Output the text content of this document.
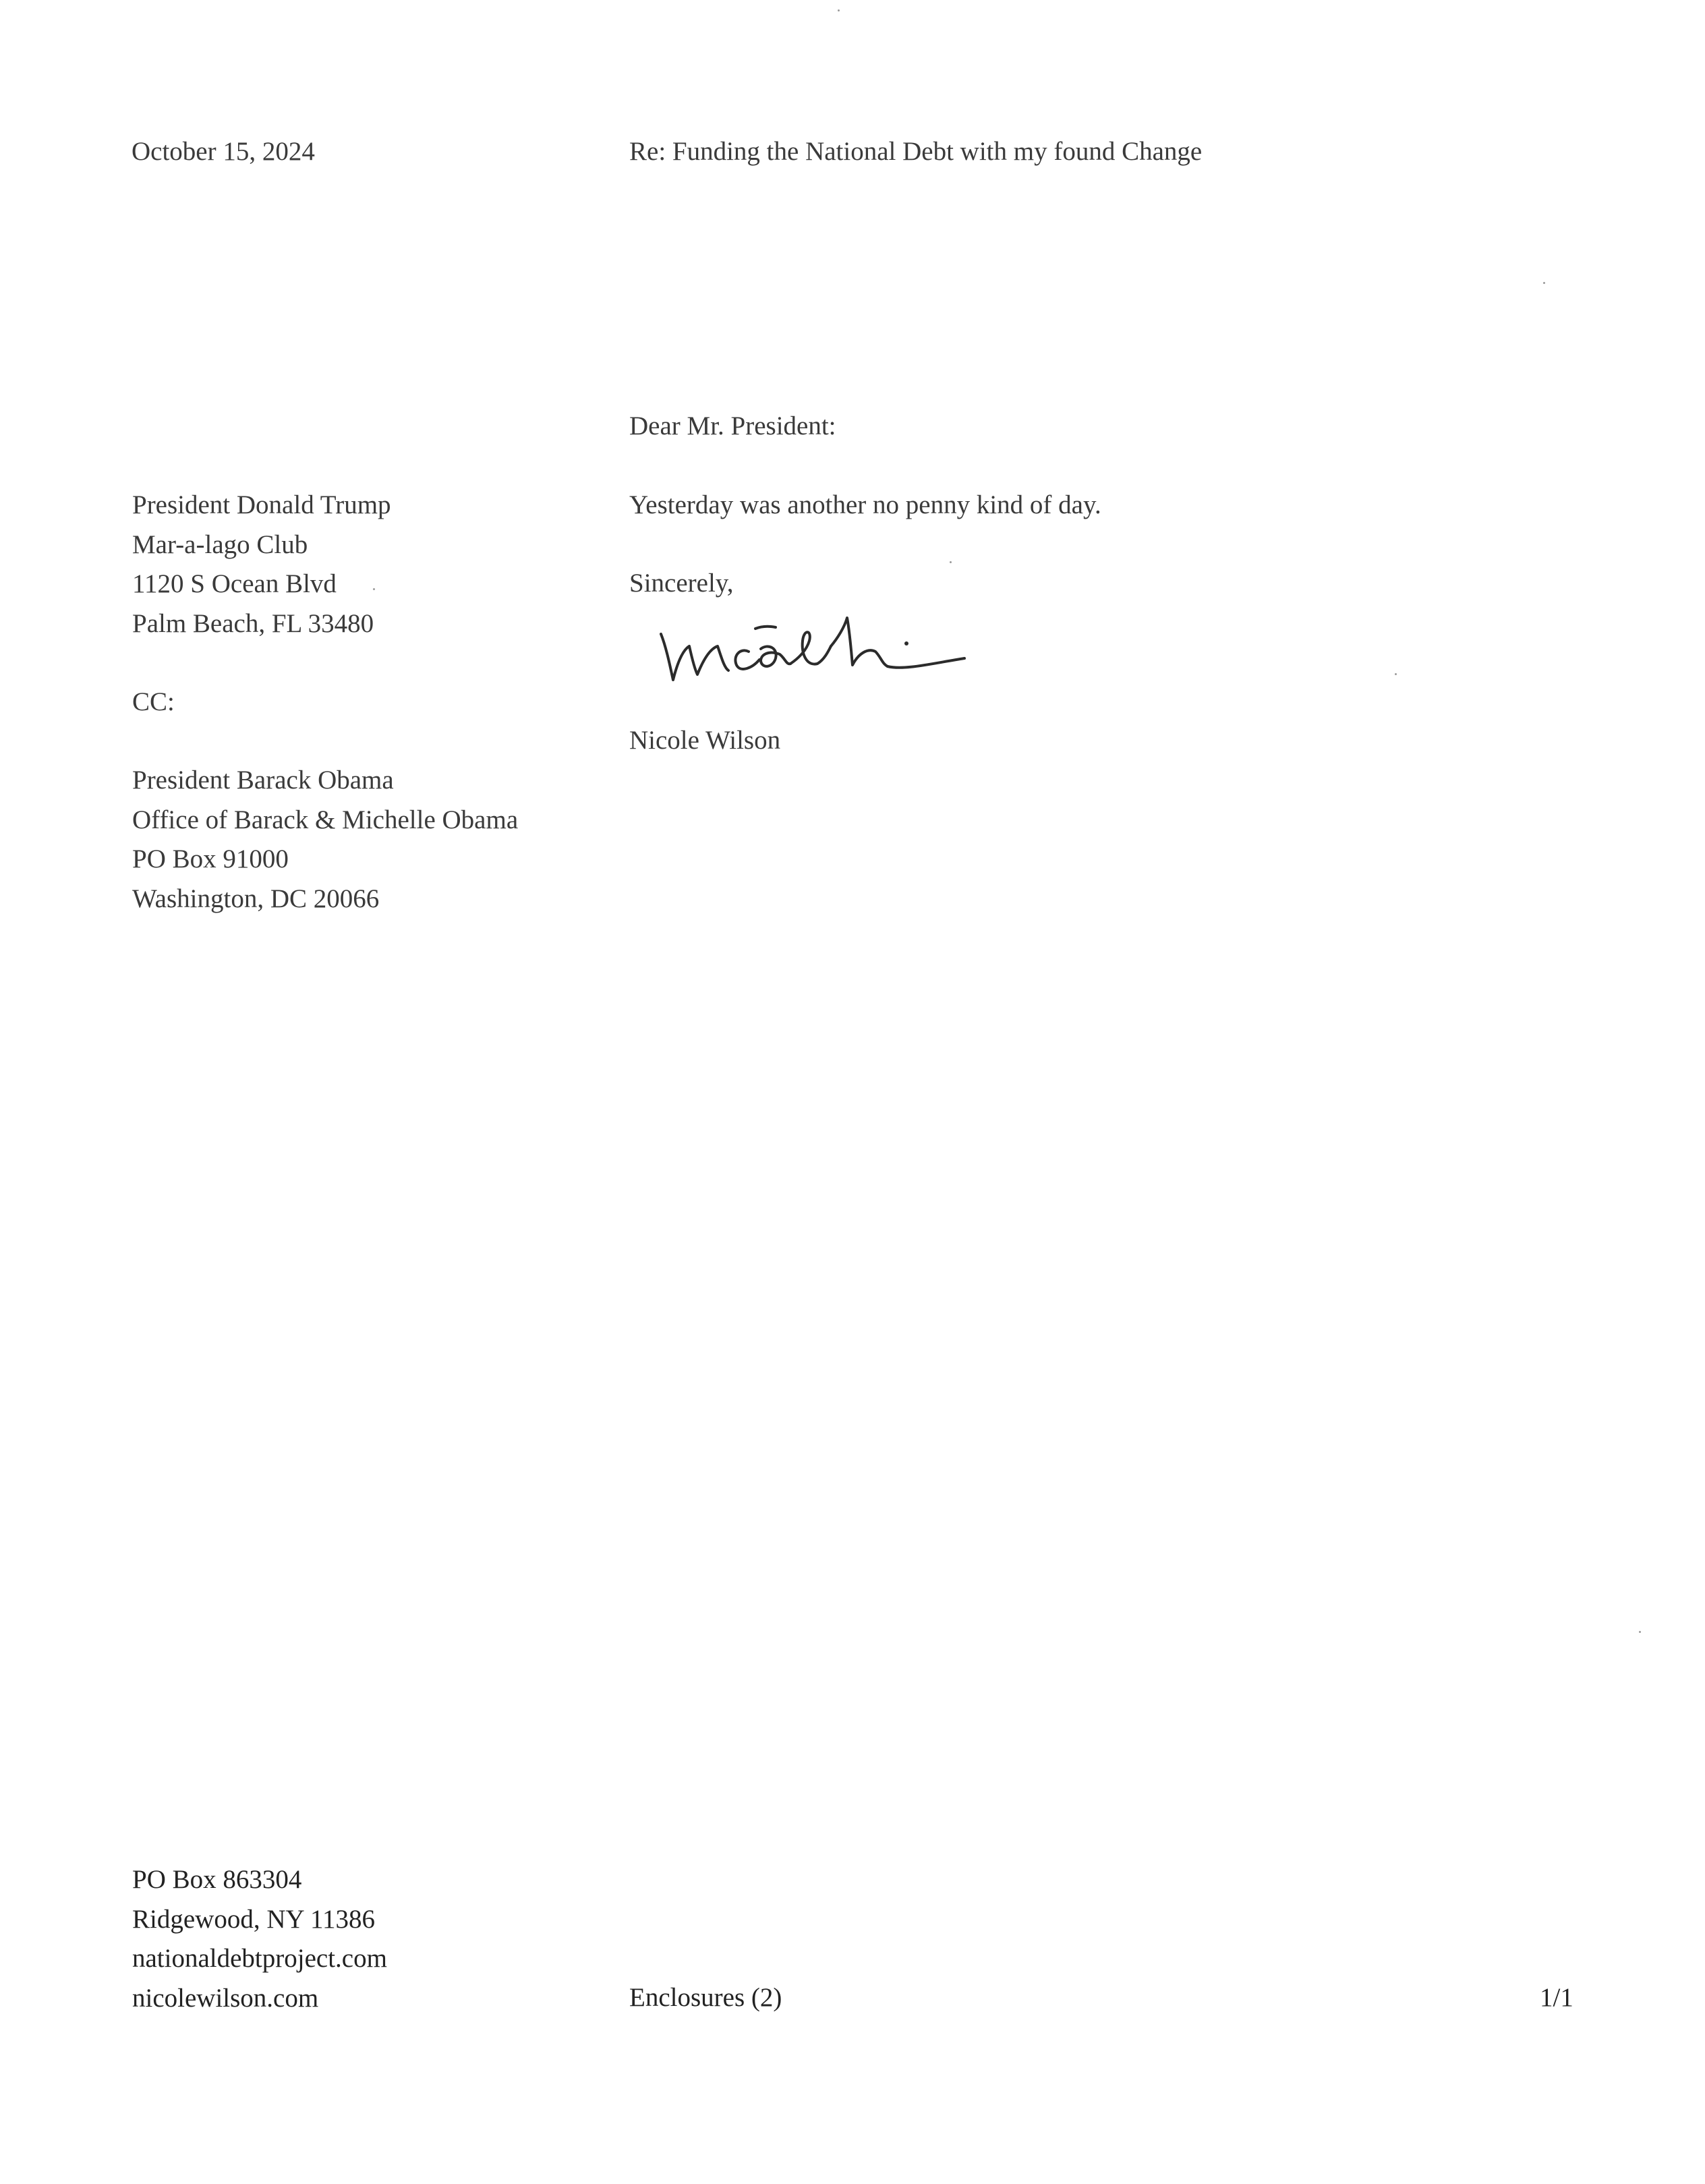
October 15, 2024	Re: Funding the National Debt with my found Change

Dear Mr. President:

President Donald Trump
Mar-a-lago Club
1120 S Ocean Blvd
Palm Beach, FL 33480

Yesterday was another no penny kind of day.

Sincerely,

Nicole Wilson

CC:

President Barack Obama
Office of Barack & Michelle Obama
PO Box 91000
Washington, DC 20066
PO Box 863304
Ridgewood, NY 11386
nationaldebtproject.com
nicolewilson.com	Enclosures (2)	1/1
